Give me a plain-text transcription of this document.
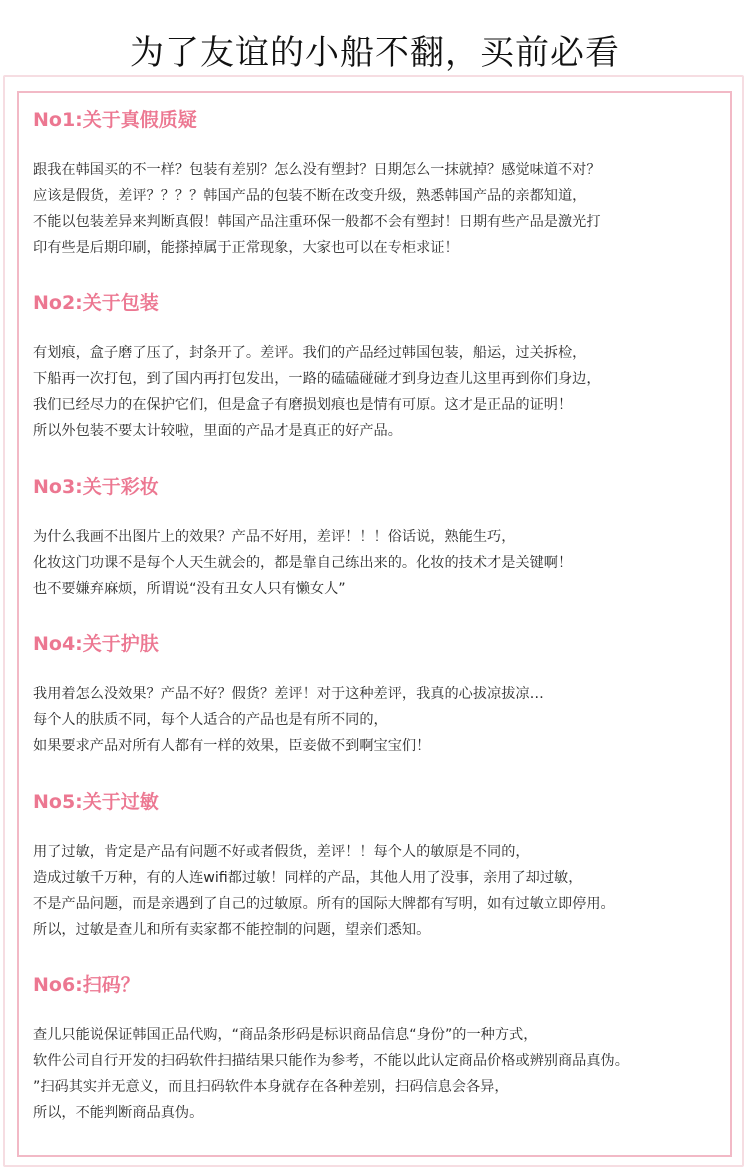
为了友谊的小船不翻，买前必看
No1:关于真假质疑
跟我在韩国买的不一样？包装有差别？怎么没有塑封？日期怎么一抹就掉？感觉味道不对？
应该是假货，差评？？？？韩国产品的包装不断在改变升级，熟悉韩国产品的亲都知道，
不能以包装差异来判断真假！韩国产品注重环保一般都不会有塑封！日期有些产品是激光打
印有些是后期印刷，能搽掉属于正常现象，大家也可以在专柜求证！
No2:关于包装
有划痕，盒子磨了压了，封条开了。差评。我们的产品经过韩国包装，船运，过关拆检，
下船再一次打包，到了国内再打包发出，一路的磕磕碰碰才到身边查儿这里再到你们身边，
我们已经尽力的在保护它们，但是盒子有磨损划痕也是情有可原。这才是正品的证明！
所以外包装不要太计较啦，里面的产品才是真正的好产品。
No3:关于彩妆
为什么我画不出图片上的效果？产品不好用，差评！！！俗话说，熟能生巧，
化妆这门功课不是每个人天生就会的，都是靠自己练出来的。化妆的技术才是关键啊！
也不要嫌弃麻烦，所谓说“没有丑女人只有懒女人”
No4:关于护肤
我用着怎么没效果？产品不好？假货？差评！对于这种差评，我真的心拔凉拔凉…
每个人的肤质不同，每个人适合的产品也是有所不同的，
如果要求产品对所有人都有一样的效果，臣妾做不到啊宝宝们！
No5:关于过敏
用了过敏，肯定是产品有问题不好或者假货，差评！！每个人的敏原是不同的，
造成过敏千万种，有的人连wifi都过敏！同样的产品，其他人用了没事，亲用了却过敏，
不是产品问题，而是亲遇到了自己的过敏原。所有的国际大牌都有写明，如有过敏立即停用。
所以，过敏是查儿和所有卖家都不能控制的问题，望亲们悉知。
No6:扫码？
查儿只能说保证韩国正品代购，“商品条形码是标识商品信息“身份”的一种方式，
软件公司自行开发的扫码软件扫描结果只能作为参考，不能以此认定商品价格或辨别商品真伪。
”扫码其实并无意义，而且扫码软件本身就存在各种差别，扫码信息会各异，
所以，不能判断商品真伪。
